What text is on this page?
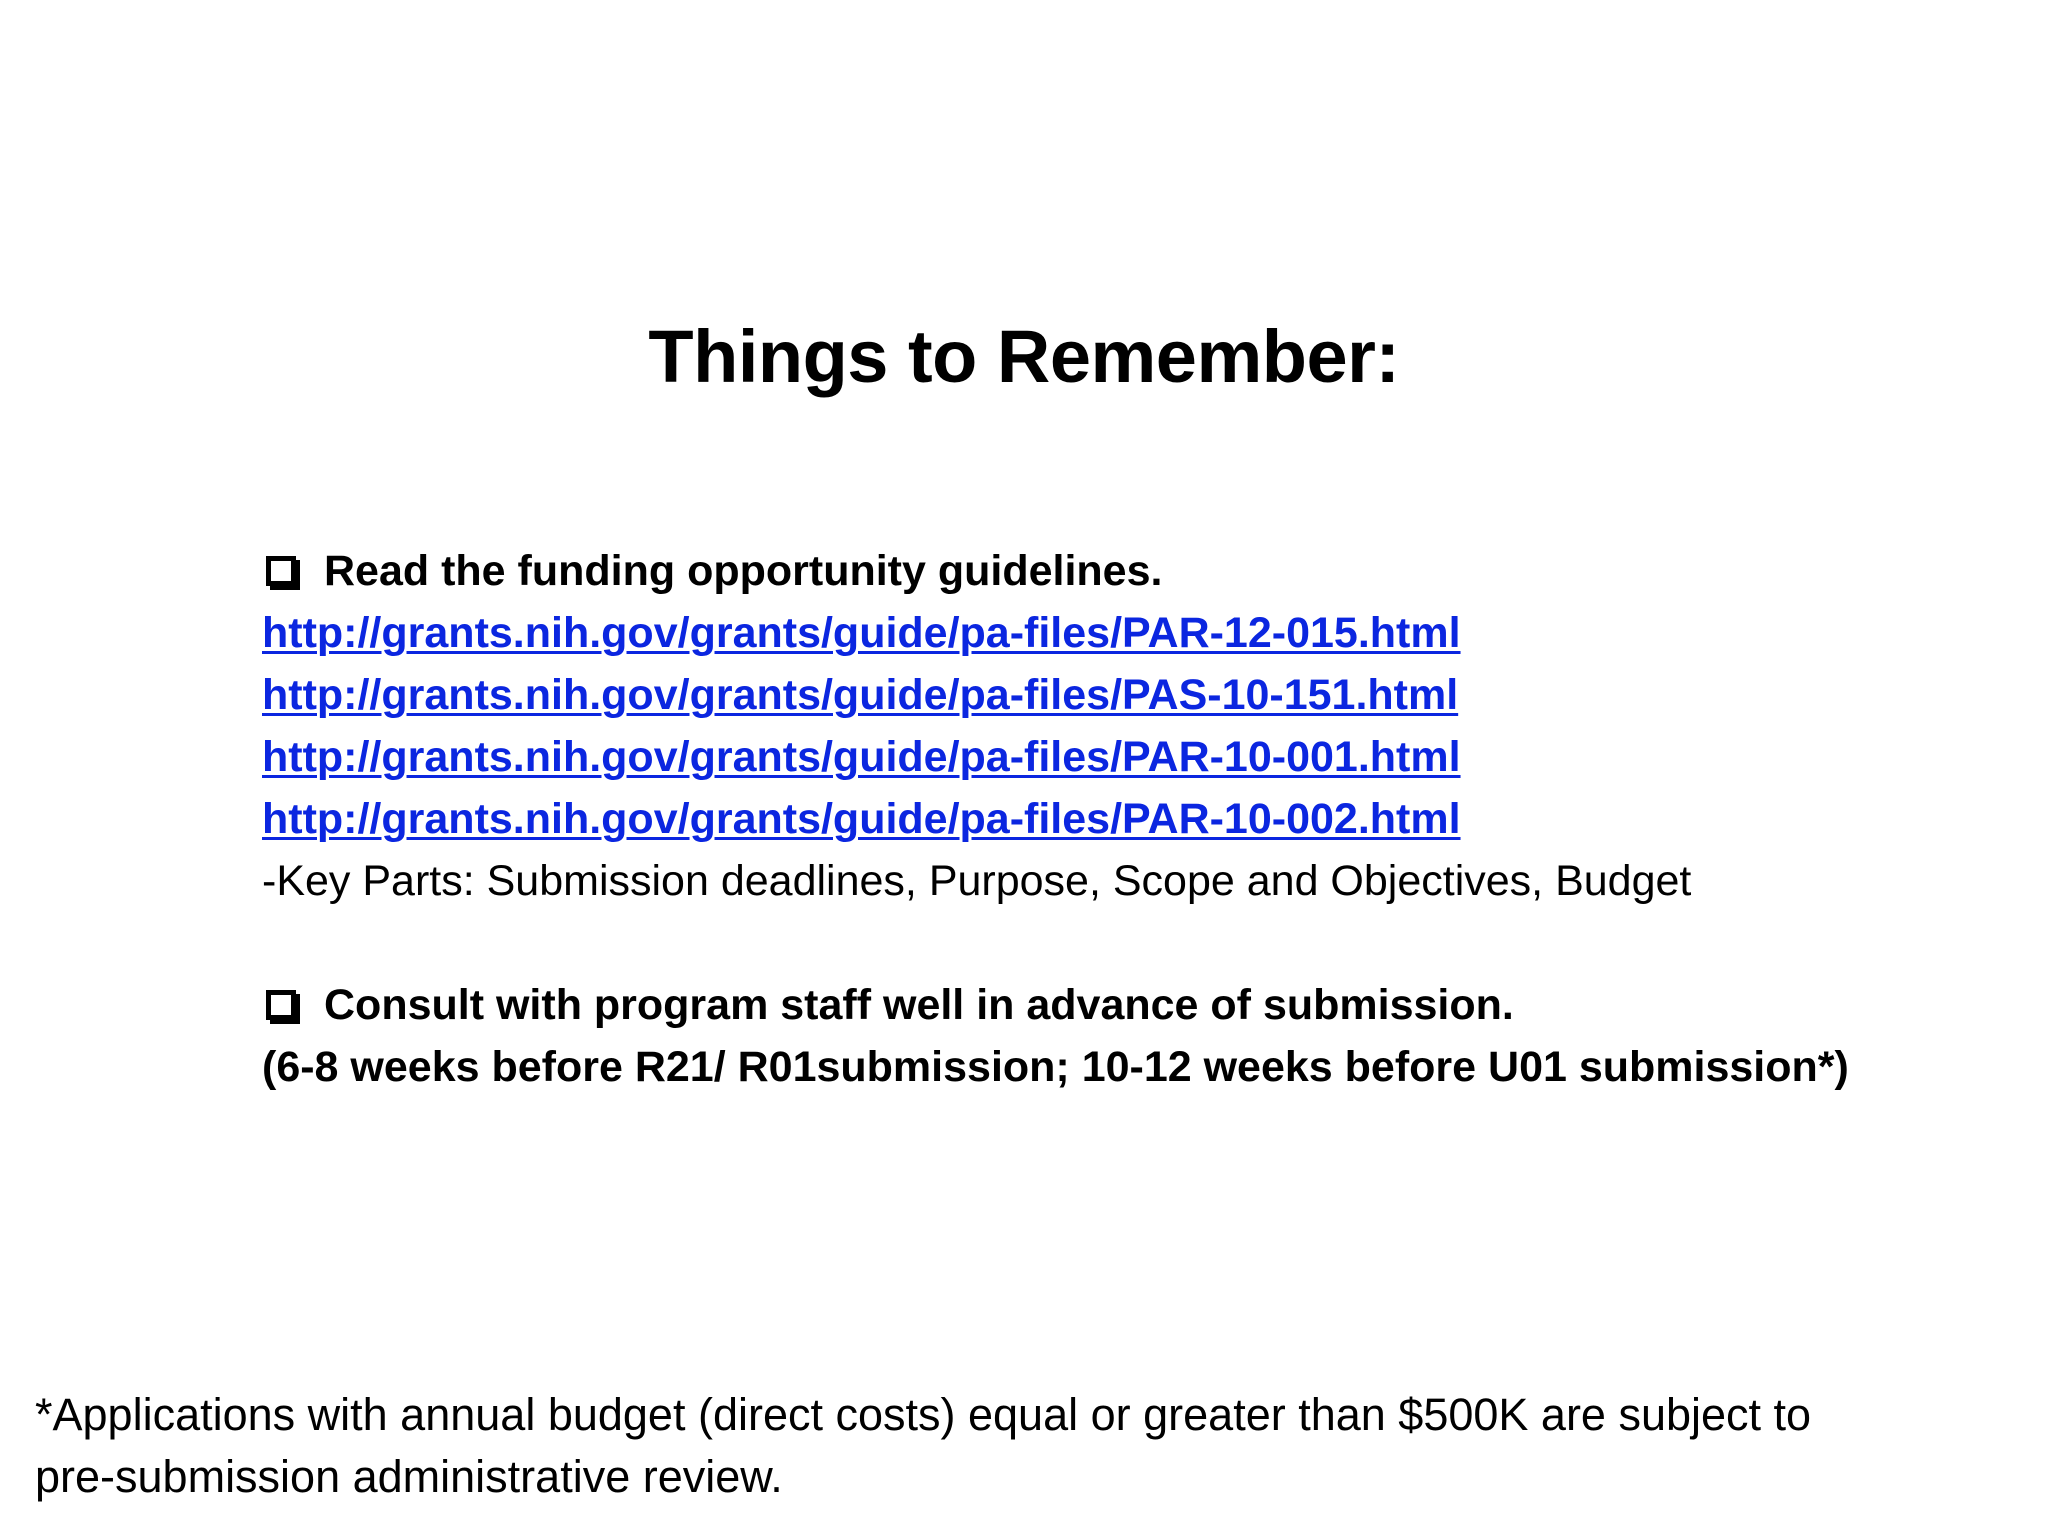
Things to Remember:
Read the funding opportunity guidelines.
http://grants.nih.gov/grants/guide/pa-files/PAR-12-015.html
http://grants.nih.gov/grants/guide/pa-files/PAS-10-151.html
http://grants.nih.gov/grants/guide/pa-files/PAR-10-001.html
http://grants.nih.gov/grants/guide/pa-files/PAR-10-002.html
-Key Parts: Submission deadlines, Purpose, Scope and Objectives, Budget
Consult with program staff well in advance of submission.
(6-8 weeks before R21/ R01submission; 10-12 weeks before U01 submission*)
*Applications with annual budget (direct costs) equal or greater than $500K are subject to
pre-submission administrative review.
